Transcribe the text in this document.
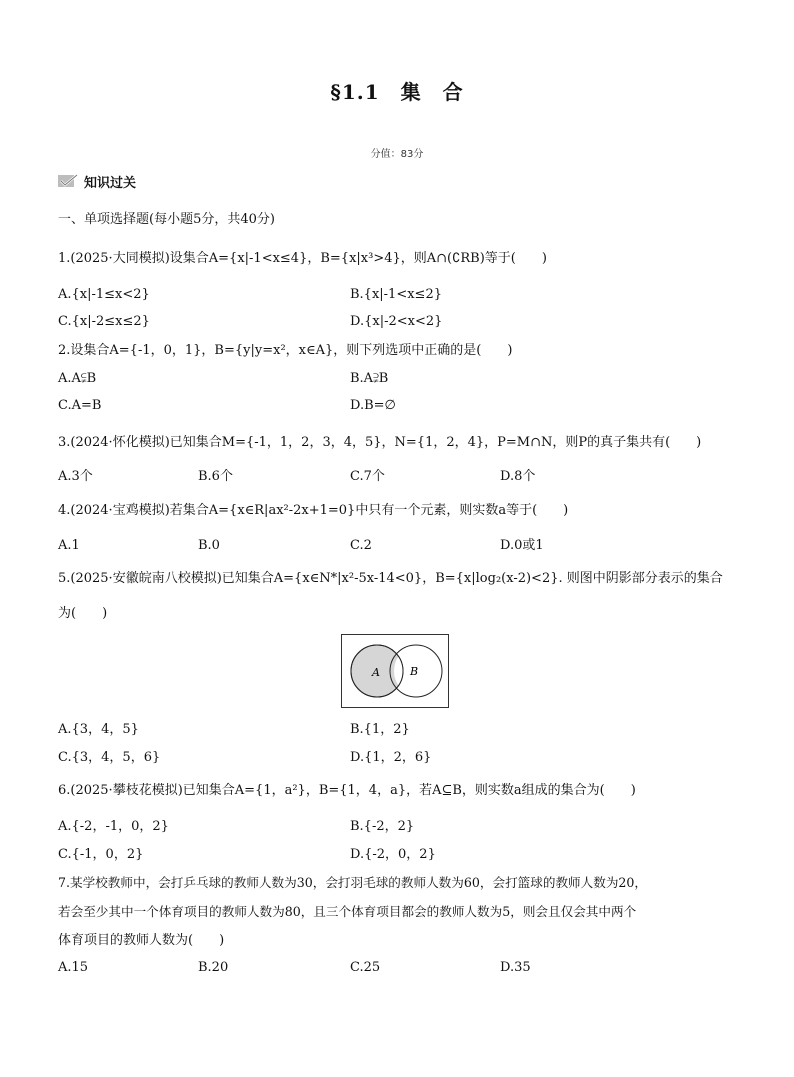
§1.1　集　合
分值：83分
知识过关
一、单项选择题(每小题5分，共40分)
1.(2025·大同模拟)设集合A={x|-1<x≤4}，B={x|x³>4}，则A∩(∁RB)等于(　　)
A.{x|-1≤x<2}	B.{x|-1<x≤2}
C.{x|-2≤x≤2}	D.{x|-2<x<2}
2.设集合A={-1，0，1}，B={y|y=x²，x∈A}，则下列选项中正确的是(　　)
A.A⫋B	B.A⫌B
C.A=B	D.B=∅
3.(2024·怀化模拟)已知集合M={-1，1，2，3，4，5}，N={1，2，4}，P=M∩N，则P的真子集共有(　　)
A.3个	B.6个	C.7个	D.8个
4.(2024·宝鸡模拟)若集合A={x∈R|ax²-2x+1=0}中只有一个元素，则实数a等于(　　)
A.1	B.0	C.2	D.0或1
5.(2025·安徽皖南八校模拟)已知集合A={x∈N*|x²-5x-14<0}，B={x|log₂(x-2)<2}. 则图中阴影部分表示的集合
为(　　)
A	B
A.{3，4，5}	B.{1，2}
C.{3，4，5，6}	D.{1，2，6}
6.(2025·攀枝花模拟)已知集合A={1，a²}，B={1，4，a}，若A⊆B，则实数a组成的集合为(　　)
A.{-2，-1，0，2}	B.{-2，2}
C.{-1，0，2}	D.{-2，0，2}
7.某学校教师中，会打乒乓球的教师人数为30，会打羽毛球的教师人数为60，会打篮球的教师人数为20，
若会至少其中一个体育项目的教师人数为80，且三个体育项目都会的教师人数为5，则会且仅会其中两个
体育项目的教师人数为(　　)
A.15	B.20	C.25	D.35
